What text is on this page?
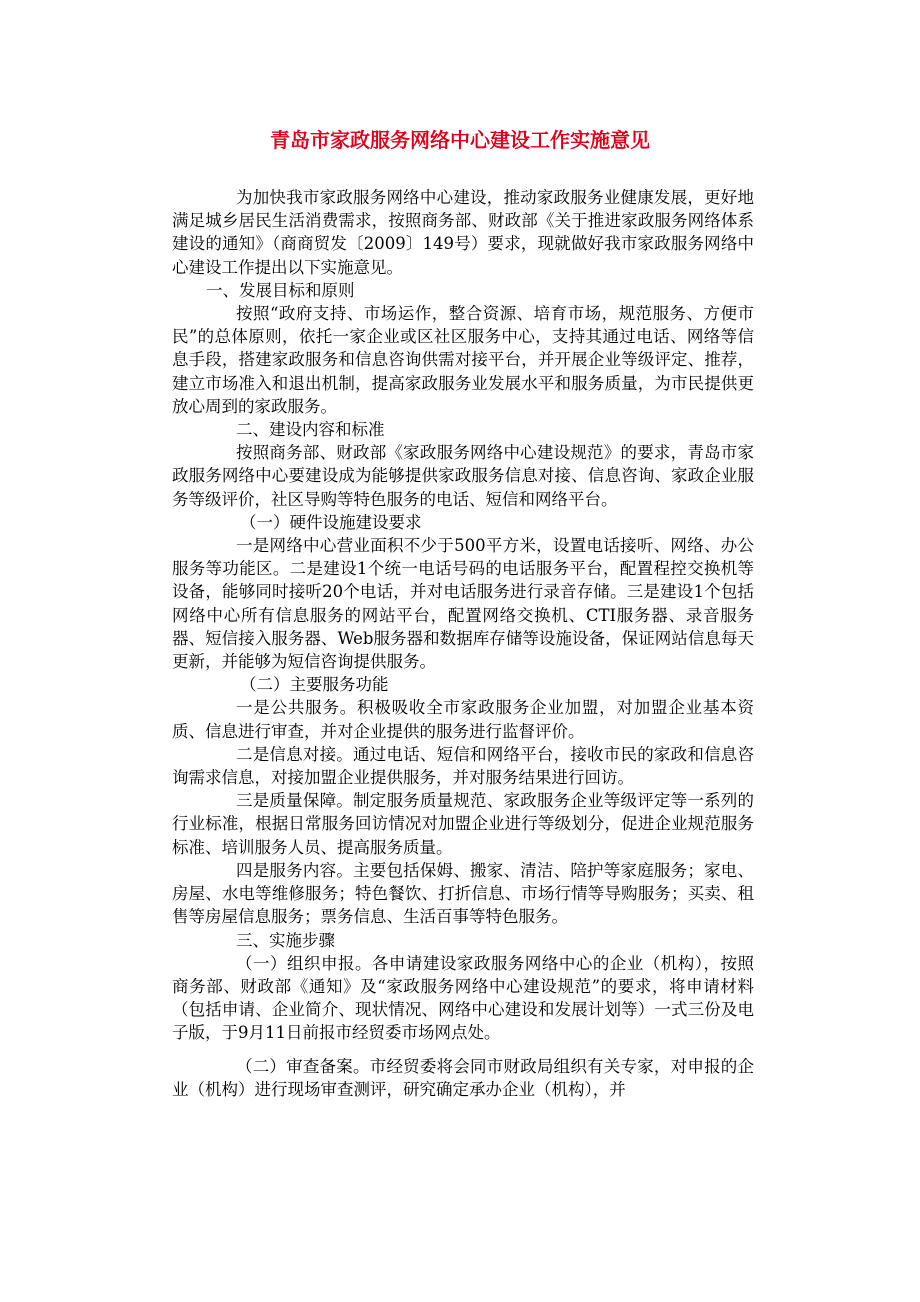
青岛市家政服务网络中心建设工作实施意见

为加快我市家政服务网络中心建设，推动家政服务业健康发展，更好地满足城乡居民生活消费需求，按照商务部、财政部《关于推进家政服务网络体系建设的通知》（商商贸发〔2009〕149号）要求，现就做好我市家政服务网络中心建设工作提出以下实施意见。

一、发展目标和原则

按照“政府支持、市场运作，整合资源、培育市场，规范服务、方便市民”的总体原则，依托一家企业或区社区服务中心，支持其通过电话、网络等信息手段，搭建家政服务和信息咨询供需对接平台，并开展企业等级评定、推荐，建立市场准入和退出机制，提高家政服务业发展水平和服务质量，为市民提供更放心周到的家政服务。

二、建设内容和标准

按照商务部、财政部《家政服务网络中心建设规范》的要求，青岛市家政服务网络中心要建设成为能够提供家政服务信息对接、信息咨询、家政企业服务等级评价，社区导购等特色服务的电话、短信和网络平台。

（一）硬件设施建设要求

一是网络中心营业面积不少于500平方米，设置电话接听、网络、办公服务等功能区。二是建设1个统一电话号码的电话服务平台，配置程控交换机等设备，能够同时接听20个电话，并对电话服务进行录音存储。三是建设1个包括网络中心所有信息服务的网站平台，配置网络交换机、CTI服务器、录音服务器、短信接入服务器、Web服务器和数据库存储等设施设备，保证网站信息每天更新，并能够为短信咨询提供服务。

（二）主要服务功能

一是公共服务。积极吸收全市家政服务企业加盟，对加盟企业基本资质、信息进行审查，并对企业提供的服务进行监督评价。

二是信息对接。通过电话、短信和网络平台，接收市民的家政和信息咨询需求信息，对接加盟企业提供服务，并对服务结果进行回访。

三是质量保障。制定服务质量规范、家政服务企业等级评定等一系列的行业标准，根据日常服务回访情况对加盟企业进行等级划分，促进企业规范服务标准、培训服务人员、提高服务质量。

四是服务内容。主要包括保姆、搬家、清洁、陪护等家庭服务；家电、房屋、水电等维修服务；特色餐饮、打折信息、市场行情等导购服务；买卖、租售等房屋信息服务；票务信息、生活百事等特色服务。

三、实施步骤

（一）组织申报。各申请建设家政服务网络中心的企业（机构），按照商务部、财政部《通知》及“家政服务网络中心建设规范”的要求，将申请材料（包括申请、企业简介、现状情况、网络中心建设和发展计划等）一式三份及电子版，于9月11日前报市经贸委市场网点处。

（二）审查备案。市经贸委将会同市财政局组织有关专家，对申报的企业（机构）进行现场审查测评，研究确定承办企业（机构），并
